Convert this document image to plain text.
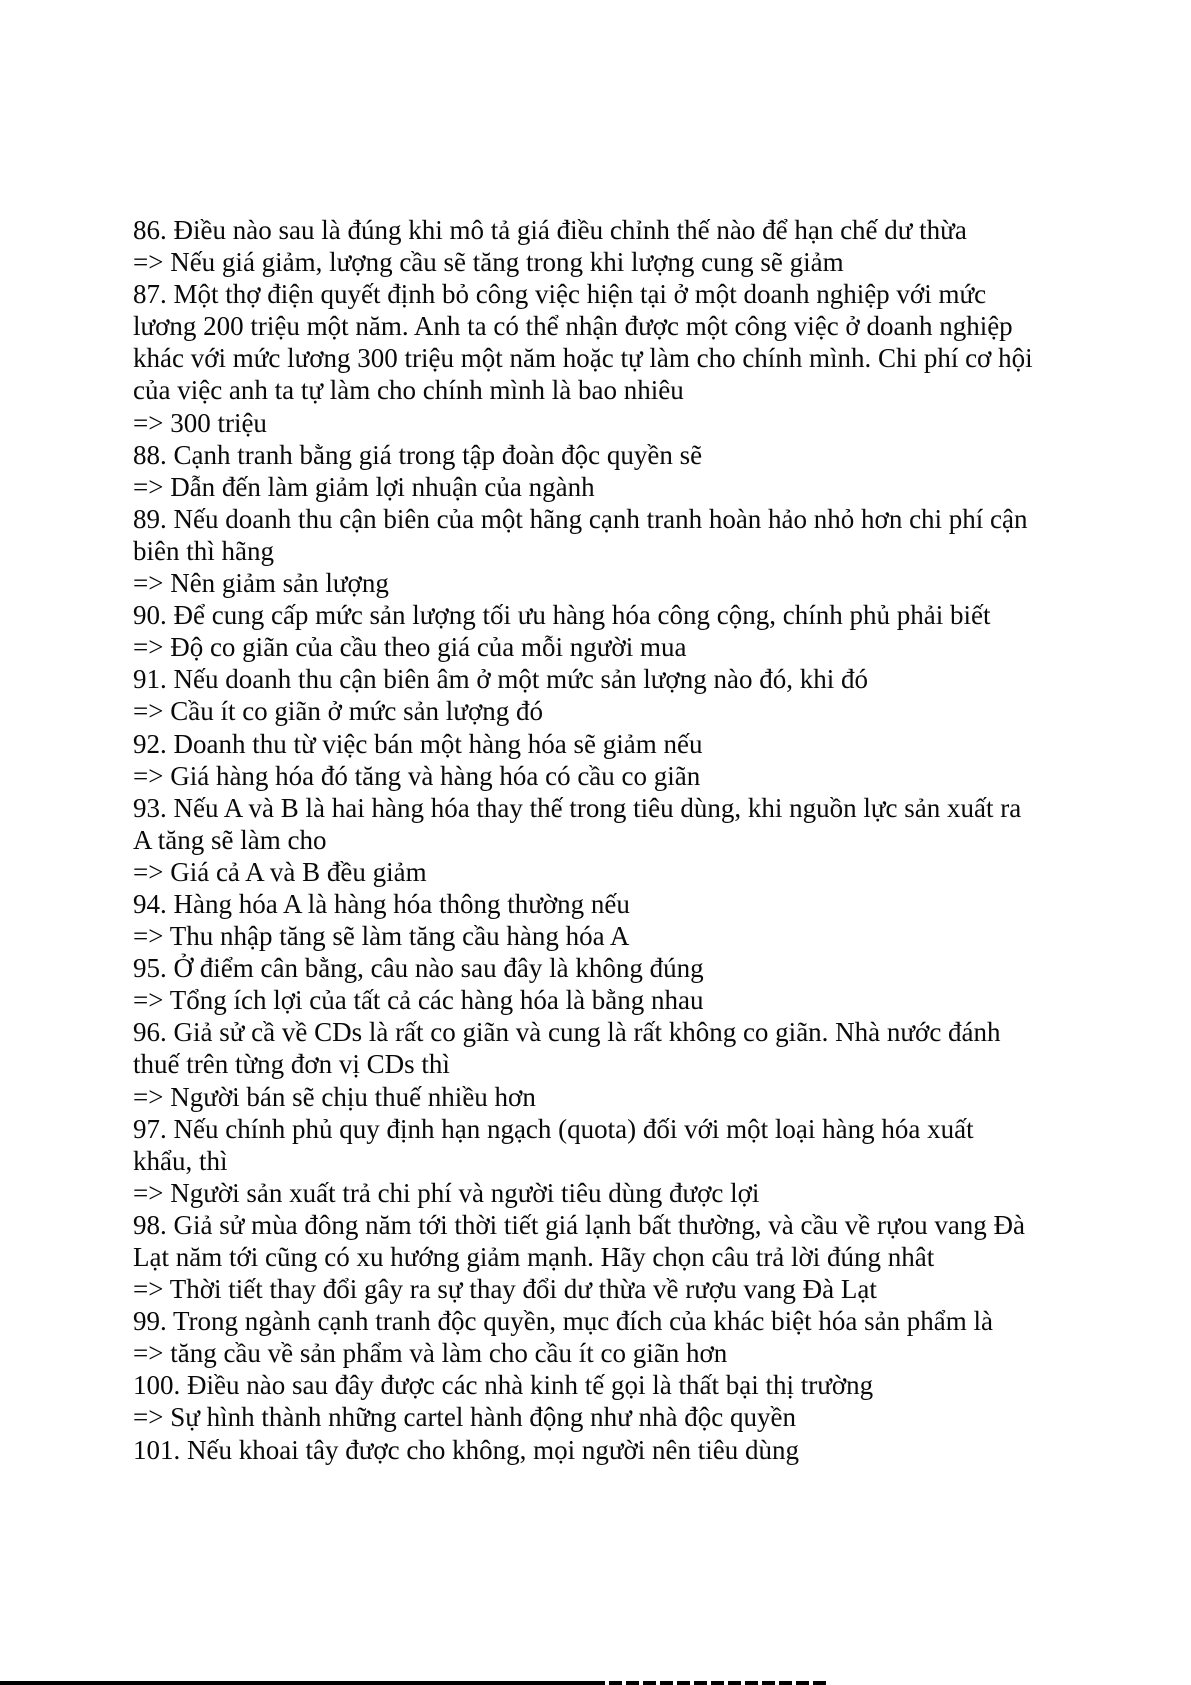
86. Điều nào sau là đúng khi mô tả giá điều chỉnh thế nào để hạn chế dư thừa
=> Nếu giá giảm, lượng cầu sẽ tăng trong khi lượng cung sẽ giảm
87. Một thợ điện quyết định bỏ công việc hiện tại ở một doanh nghiệp với mức
lương 200 triệu một năm. Anh ta có thể nhận được một công việc ở doanh nghiệp
khác với mức lương 300 triệu một năm hoặc tự làm cho chính mình. Chi phí cơ hội
của việc anh ta tự làm cho chính mình là bao nhiêu
=> 300 triệu
88. Cạnh tranh bằng giá trong tập đoàn độc quyền sẽ
=> Dẫn đến làm giảm lợi nhuận của ngành
89. Nếu doanh thu cận biên của một hãng cạnh tranh hoàn hảo nhỏ hơn chi phí cận
biên thì hãng
=> Nên giảm sản lượng
90. Để cung cấp mức sản lượng tối ưu hàng hóa công cộng, chính phủ phải biết
=> Độ co giãn của cầu theo giá của mỗi người mua
91. Nếu doanh thu cận biên âm ở một mức sản lượng nào đó, khi đó
=> Cầu ít co giãn ở mức sản lượng đó
92. Doanh thu từ việc bán một hàng hóa sẽ giảm nếu
=> Giá hàng hóa đó tăng và hàng hóa có cầu co giãn
93. Nếu A và B là hai hàng hóa thay thế trong tiêu dùng, khi nguồn lực sản xuất ra
A tăng sẽ làm cho
=> Giá cả A và B đều giảm
94. Hàng hóa A là hàng hóa thông thường nếu
=> Thu nhập tăng sẽ làm tăng cầu hàng hóa A
95. Ở điểm cân bằng, câu nào sau đây là không đúng
=> Tổng ích lợi của tất cả các hàng hóa là bằng nhau
96. Giả sử cầ về CDs là rất co giãn và cung là rất không co giãn. Nhà nước đánh
thuế trên từng đơn vị CDs thì
=> Người bán sẽ chịu thuế nhiều hơn
97. Nếu chính phủ quy định hạn ngạch (quota) đối với một loại hàng hóa xuất
khẩu, thì
=> Người sản xuất trả chi phí và người tiêu dùng được lợi
98. Giả sử mùa đông năm tới thời tiết giá lạnh bất thường, và cầu về rựou vang Đà
Lạt năm tới cũng có xu hướng giảm mạnh. Hãy chọn câu trả lời đúng nhât
=> Thời tiết thay đổi gây ra sự thay đổi dư thừa về rượu vang Đà Lạt
99. Trong ngành cạnh tranh độc quyền, mục đích của khác biệt hóa sản phẩm là
=> tăng cầu về sản phẩm và làm cho cầu ít co giãn hơn
100. Điều nào sau đây được các nhà kinh tế gọi là thất bại thị trường
=> Sự hình thành những cartel hành động như nhà độc quyền
101. Nếu khoai tây được cho không, mọi người nên tiêu dùng
